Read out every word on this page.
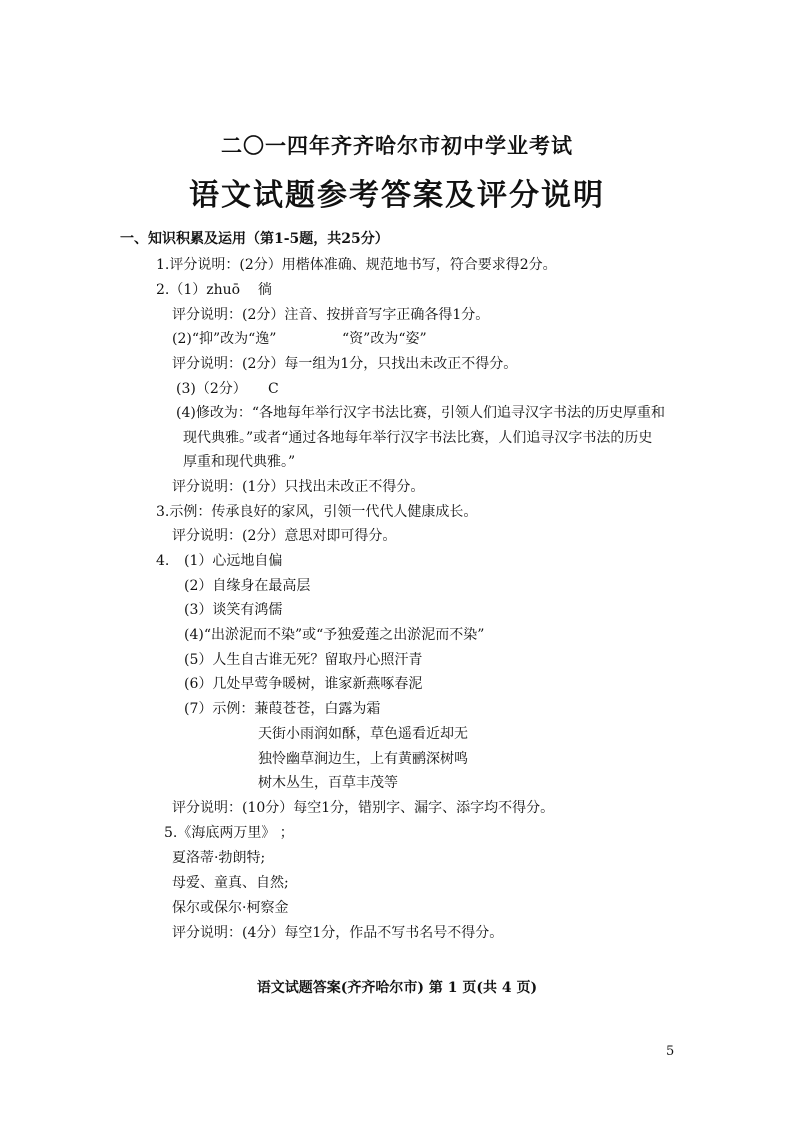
二〇一四年齐齐哈尔市初中学业考试
语文试题参考答案及评分说明
一、知识积累及运用（第1-5题，共25分）
1.评分说明：(2分）用楷体准确、规范地书写，符合要求得2分。
2.（1）zhuō 徜
评分说明：(2分）注音、按拼音写字正确各得1分。
(2)“抑”改为“逸”	“资”改为“姿”
评分说明：(2分）每一组为1分，只找出未改正不得分。
(3)（2分） C
(4)修改为：“各地每年举行汉字书法比赛，引领人们追寻汉字书法的历史厚重和
现代典雅。”或者“通过各地每年举行汉字书法比赛，人们追寻汉字书法的历史
厚重和现代典雅。”
评分说明：(1分）只找出未改正不得分。
3.示例：传承良好的家风，引领一代代人健康成长。
评分说明：(2分）意思对即可得分。
4. (1）心远地自偏
(2）自缘身在最高层
(3）谈笑有鸿儒
(4)“出淤泥而不染”或“予独爱莲之出淤泥而不染”
(5）人生自古谁无死？留取丹心照汗青
(6）几处早莺争暖树，谁家新燕啄春泥
(7）示例：蒹葭苍苍，白露为霜
天街小雨润如酥，草色遥看近却无
独怜幽草涧边生，上有黄鹂深树鸣
树木丛生，百草丰茂等
评分说明：(10分）每空1分，错别字、漏字、添字均不得分。
5.《海底两万里》 ；
夏洛蒂·勃朗特;
母爱、童真、自然;
保尔或保尔·柯察金
评分说明：(4分）每空1分，作品不写书名号不得分。
语文试题答案(齐齐哈尔市) 第 1 页(共 4 页)
5
